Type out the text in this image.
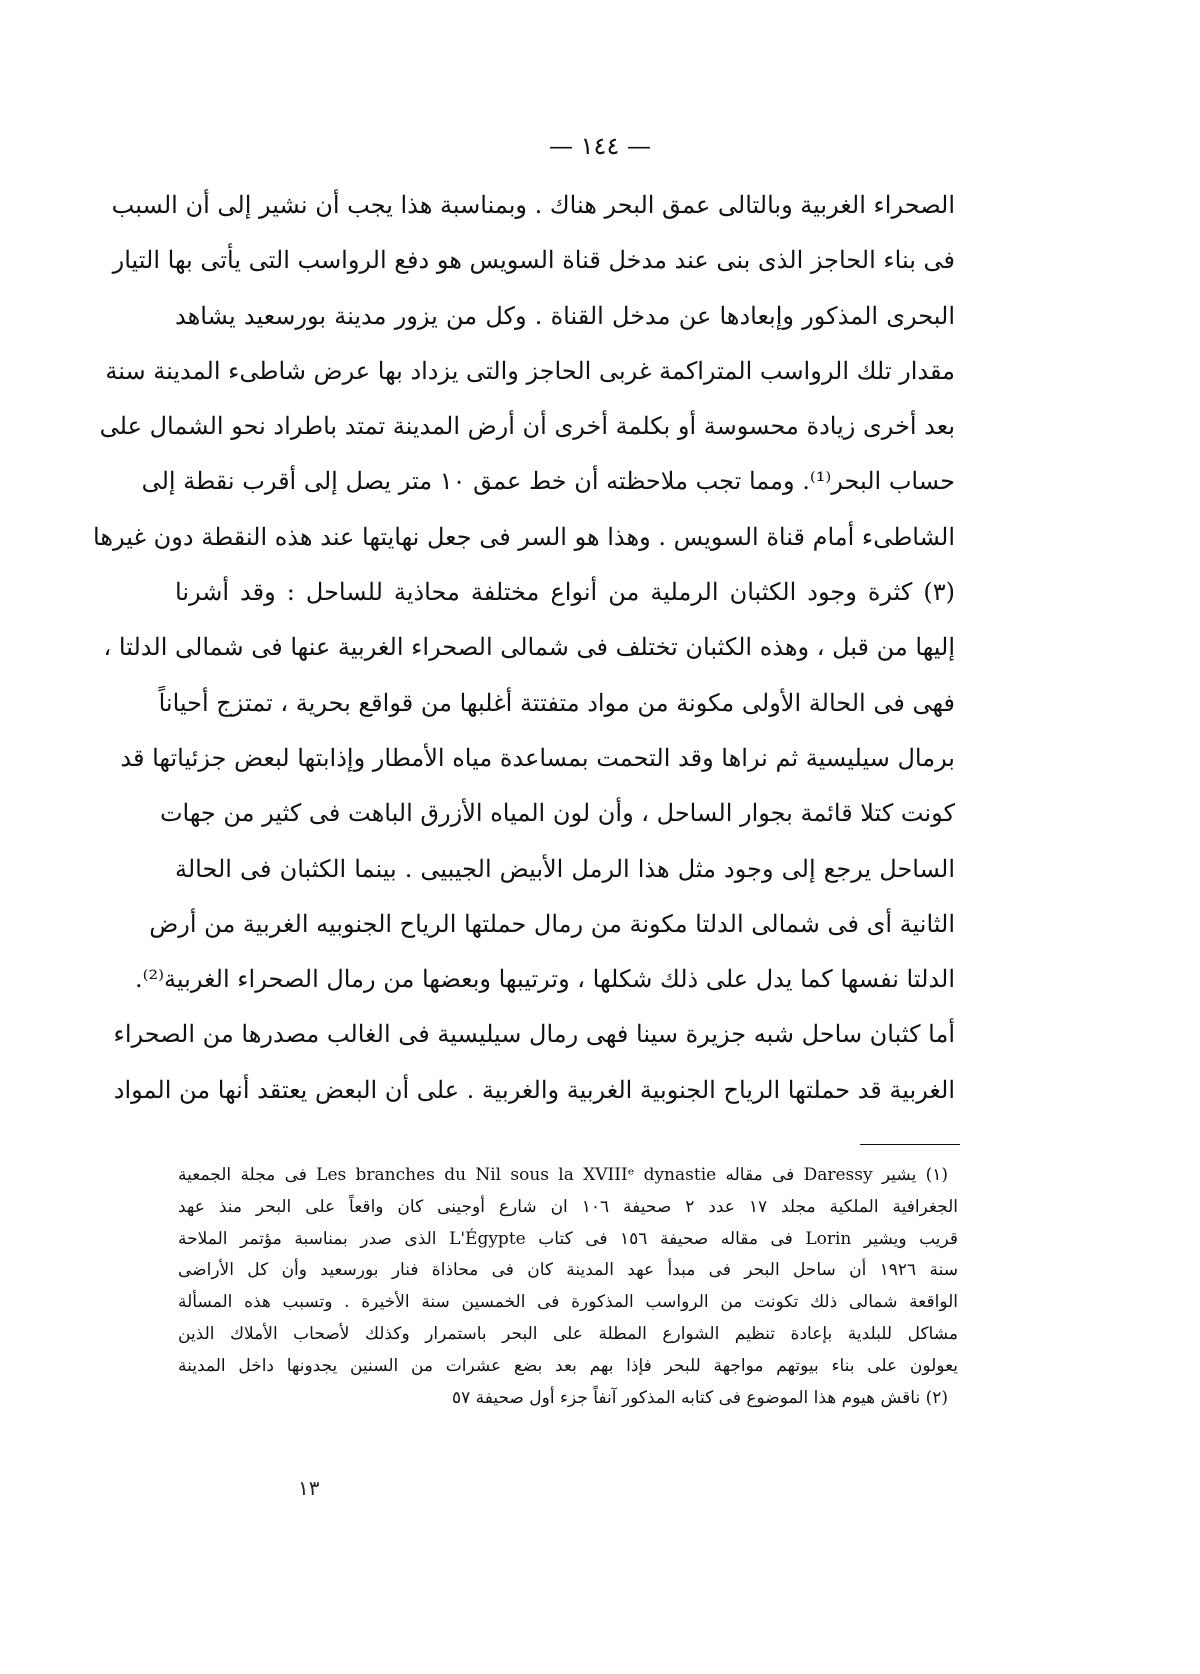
— ١٤٤ —
الصحراء الغربية وبالتالى عمق البحر هناك . وبمناسبة هذا يجب أن نشير إلى أن السبب
فى بناء الحاجز الذى بنى عند مدخل قناة السويس هو دفع الرواسب التى يأتى بها التيار
البحرى المذكور وإبعادها عن مدخل القناة . وكل من يزور مدينة بورسعيد يشاهد
مقدار تلك الرواسب المتراكمة غربى الحاجز والتى يزداد بها عرض شاطىء المدينة سنة
بعد أخرى زيادة محسوسة أو بكلمة أخرى أن أرض المدينة تمتد باطراد نحو الشمال على
حساب البحر⁽¹⁾. ومما تجب ملاحظته أن خط عمق ١٠ متر يصل إلى أقرب نقطة إلى
الشاطىء أمام قناة السويس . وهذا هو السر فى جعل نهايتها عند هذه النقطة دون غيرها
(٣) كثرة وجود الكثبان الرملية من أنواع مختلفة محاذية للساحل : وقد أشرنا
إليها من قبل ، وهذه الكثبان تختلف فى شمالى الصحراء الغربية عنها فى شمالى الدلتا ،
فهى فى الحالة الأولى مكونة من مواد متفتتة أغلبها من قواقع بحرية ، تمتزج أحياناً
برمال سيليسية ثم نراها وقد التحمت بمساعدة مياه الأمطار وإذابتها لبعض جزئياتها قد
كونت كتلا قائمة بجوار الساحل ، وأن لون المياه الأزرق الباهت فى كثير من جهات
الساحل يرجع إلى وجود مثل هذا الرمل الأبيض الجيبيى . بينما الكثبان فى الحالة
الثانية أى فى شمالى الدلتا مكونة من رمال حملتها الرياح الجنوبيه الغربية من أرض
الدلتا نفسها كما يدل على ذلك شكلها ، وترتيبها وبعضها من رمال الصحراء الغربية⁽²⁾.
أما كثبان ساحل شبه جزيرة سينا فهى رمال سيليسية فى الغالب مصدرها من الصحراء
الغربية قد حملتها الرياح الجنوبية الغربية والغربية . على أن البعض يعتقد أنها من المواد
(١) يشير Daressy فى مقاله Les branches du Nil sous la XVIIIᵉ dynastie فى مجلة الجمعية
الجغرافية الملكية مجلد ١٧ عدد ٢ صحيفة ١٠٦ ان شارع أوجينى كان واقعاً على البحر منذ عهد
قريب ويشير Lorin فى مقاله صحيفة ١٥٦ فى كتاب L'Égypte الذى صدر بمناسبة مؤتمر الملاحة
سنة ١٩٢٦ أن ساحل البحر فى مبدأ عهد المدينة كان فى محاذاة فنار بورسعيد وأن كل الأراضى
الواقعة شمالى ذلك تكونت من الرواسب المذكورة فى الخمسين سنة الأخيرة . وتسبب هذه المسألة
مشاكل للبلدية بإعادة تنظيم الشوارع المطلة على البحر باستمرار وكذلك لأصحاب الأملاك الذين
يعولون على بناء بيوتهم مواجهة للبحر فإذا بهم بعد بضع عشرات من السنين يجدونها داخل المدينة
(٢) ناقش هيوم هذا الموضوع فى كتابه المذكور آنفاً جزء أول صحيفة ٥٧
١٣
